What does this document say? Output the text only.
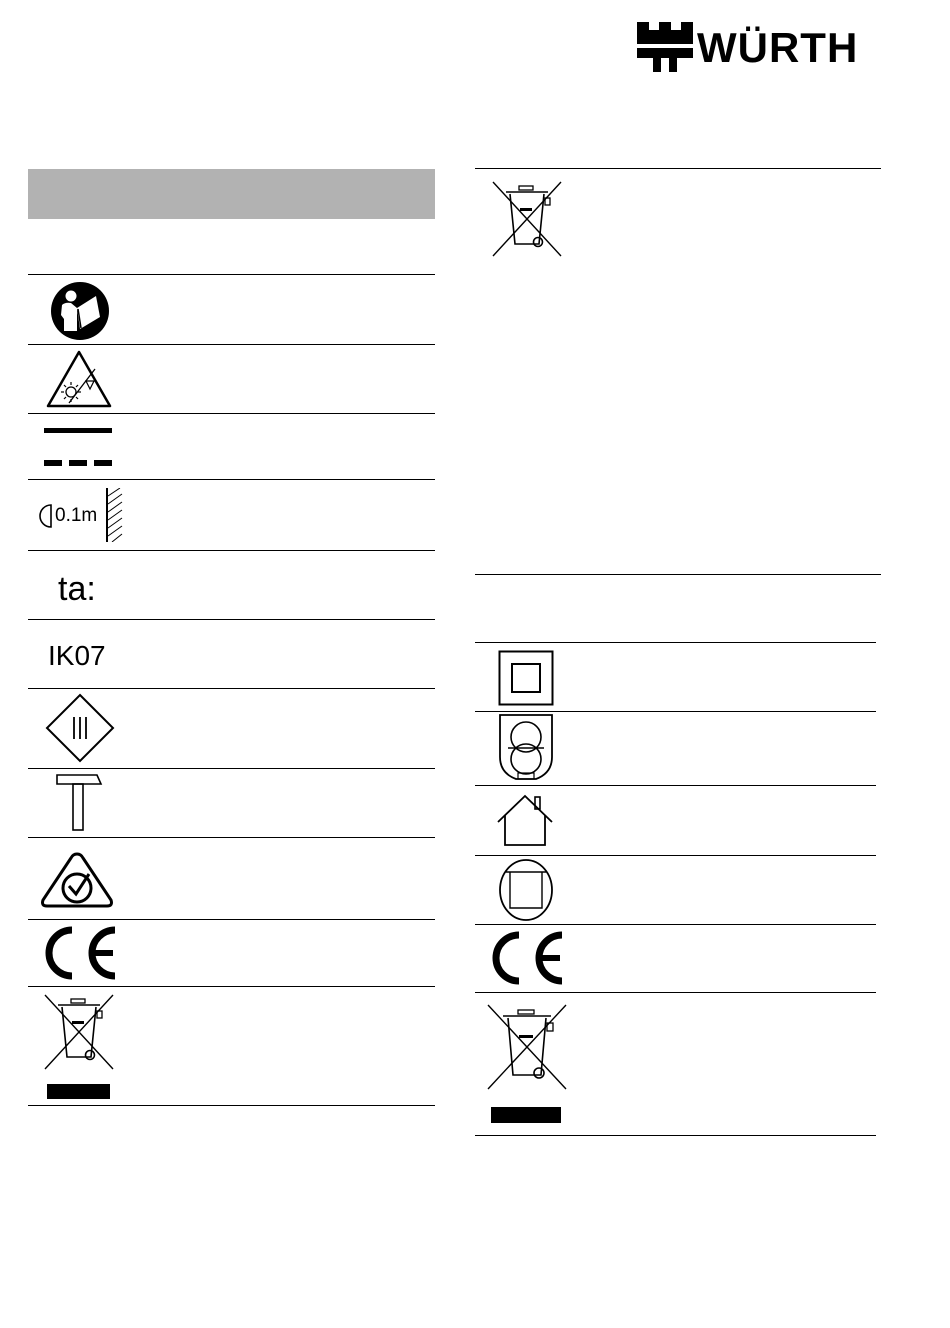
WÜRTH
0.1m
ta:
IK07
